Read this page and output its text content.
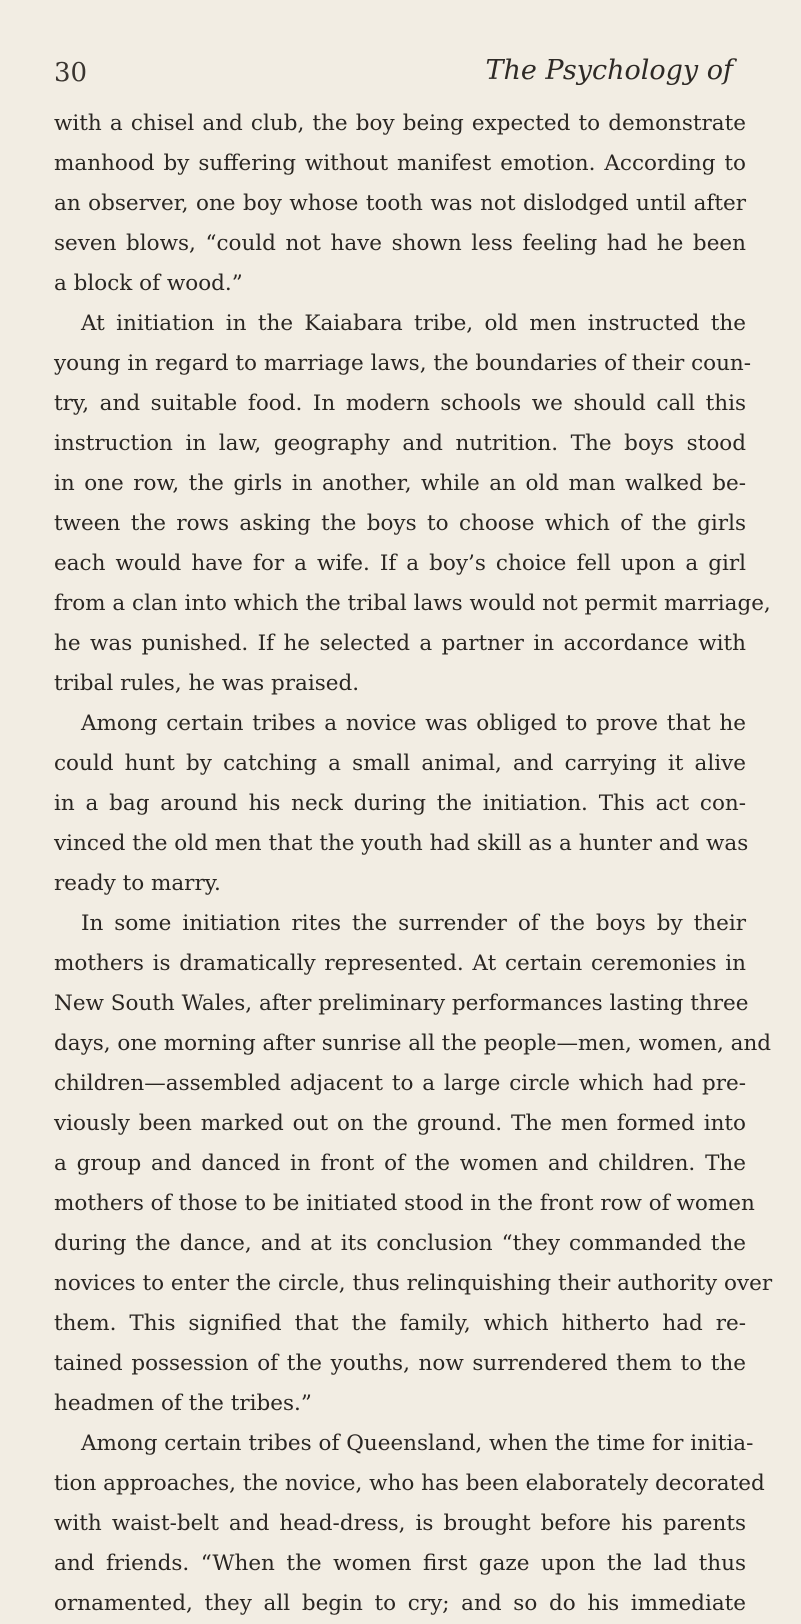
30	The Psychology of
with a chisel and club, the boy being expected to demonstrate
manhood by suffering without manifest emotion. According to
an observer, one boy whose tooth was not dislodged until after
seven blows, “could not have shown less feeling had he been
a block of wood.”
At initiation in the Kaiabara tribe, old men instructed the
young in regard to marriage laws, the boundaries of their coun-
try, and suitable food. In modern schools we should call this
instruction in law, geography and nutrition. The boys stood
in one row, the girls in another, while an old man walked be-
tween the rows asking the boys to choose which of the girls
each would have for a wife. If a boy’s choice fell upon a girl
from a clan into which the tribal laws would not permit marriage,
he was punished. If he selected a partner in accordance with
tribal rules, he was praised.
Among certain tribes a novice was obliged to prove that he
could hunt by catching a small animal, and carrying it alive
in a bag around his neck during the initiation. This act con-
vinced the old men that the youth had skill as a hunter and was
ready to marry.
In some initiation rites the surrender of the boys by their
mothers is dramatically represented. At certain ceremonies in
New South Wales, after preliminary performances lasting three
days, one morning after sunrise all the people—men, women, and
children—assembled adjacent to a large circle which had pre-
viously been marked out on the ground. The men formed into
a group and danced in front of the women and children. The
mothers of those to be initiated stood in the front row of women
during the dance, and at its conclusion “they commanded the
novices to enter the circle, thus relinquishing their authority over
them. This signified that the family, which hitherto had re-
tained possession of the youths, now surrendered them to the
headmen of the tribes.”
Among certain tribes of Queensland, when the time for initia-
tion approaches, the novice, who has been elaborately decorated
with waist-belt and head-dress, is brought before his parents
and friends. “When the women first gaze upon the lad thus
ornamented, they all begin to cry; and so do his immediate
